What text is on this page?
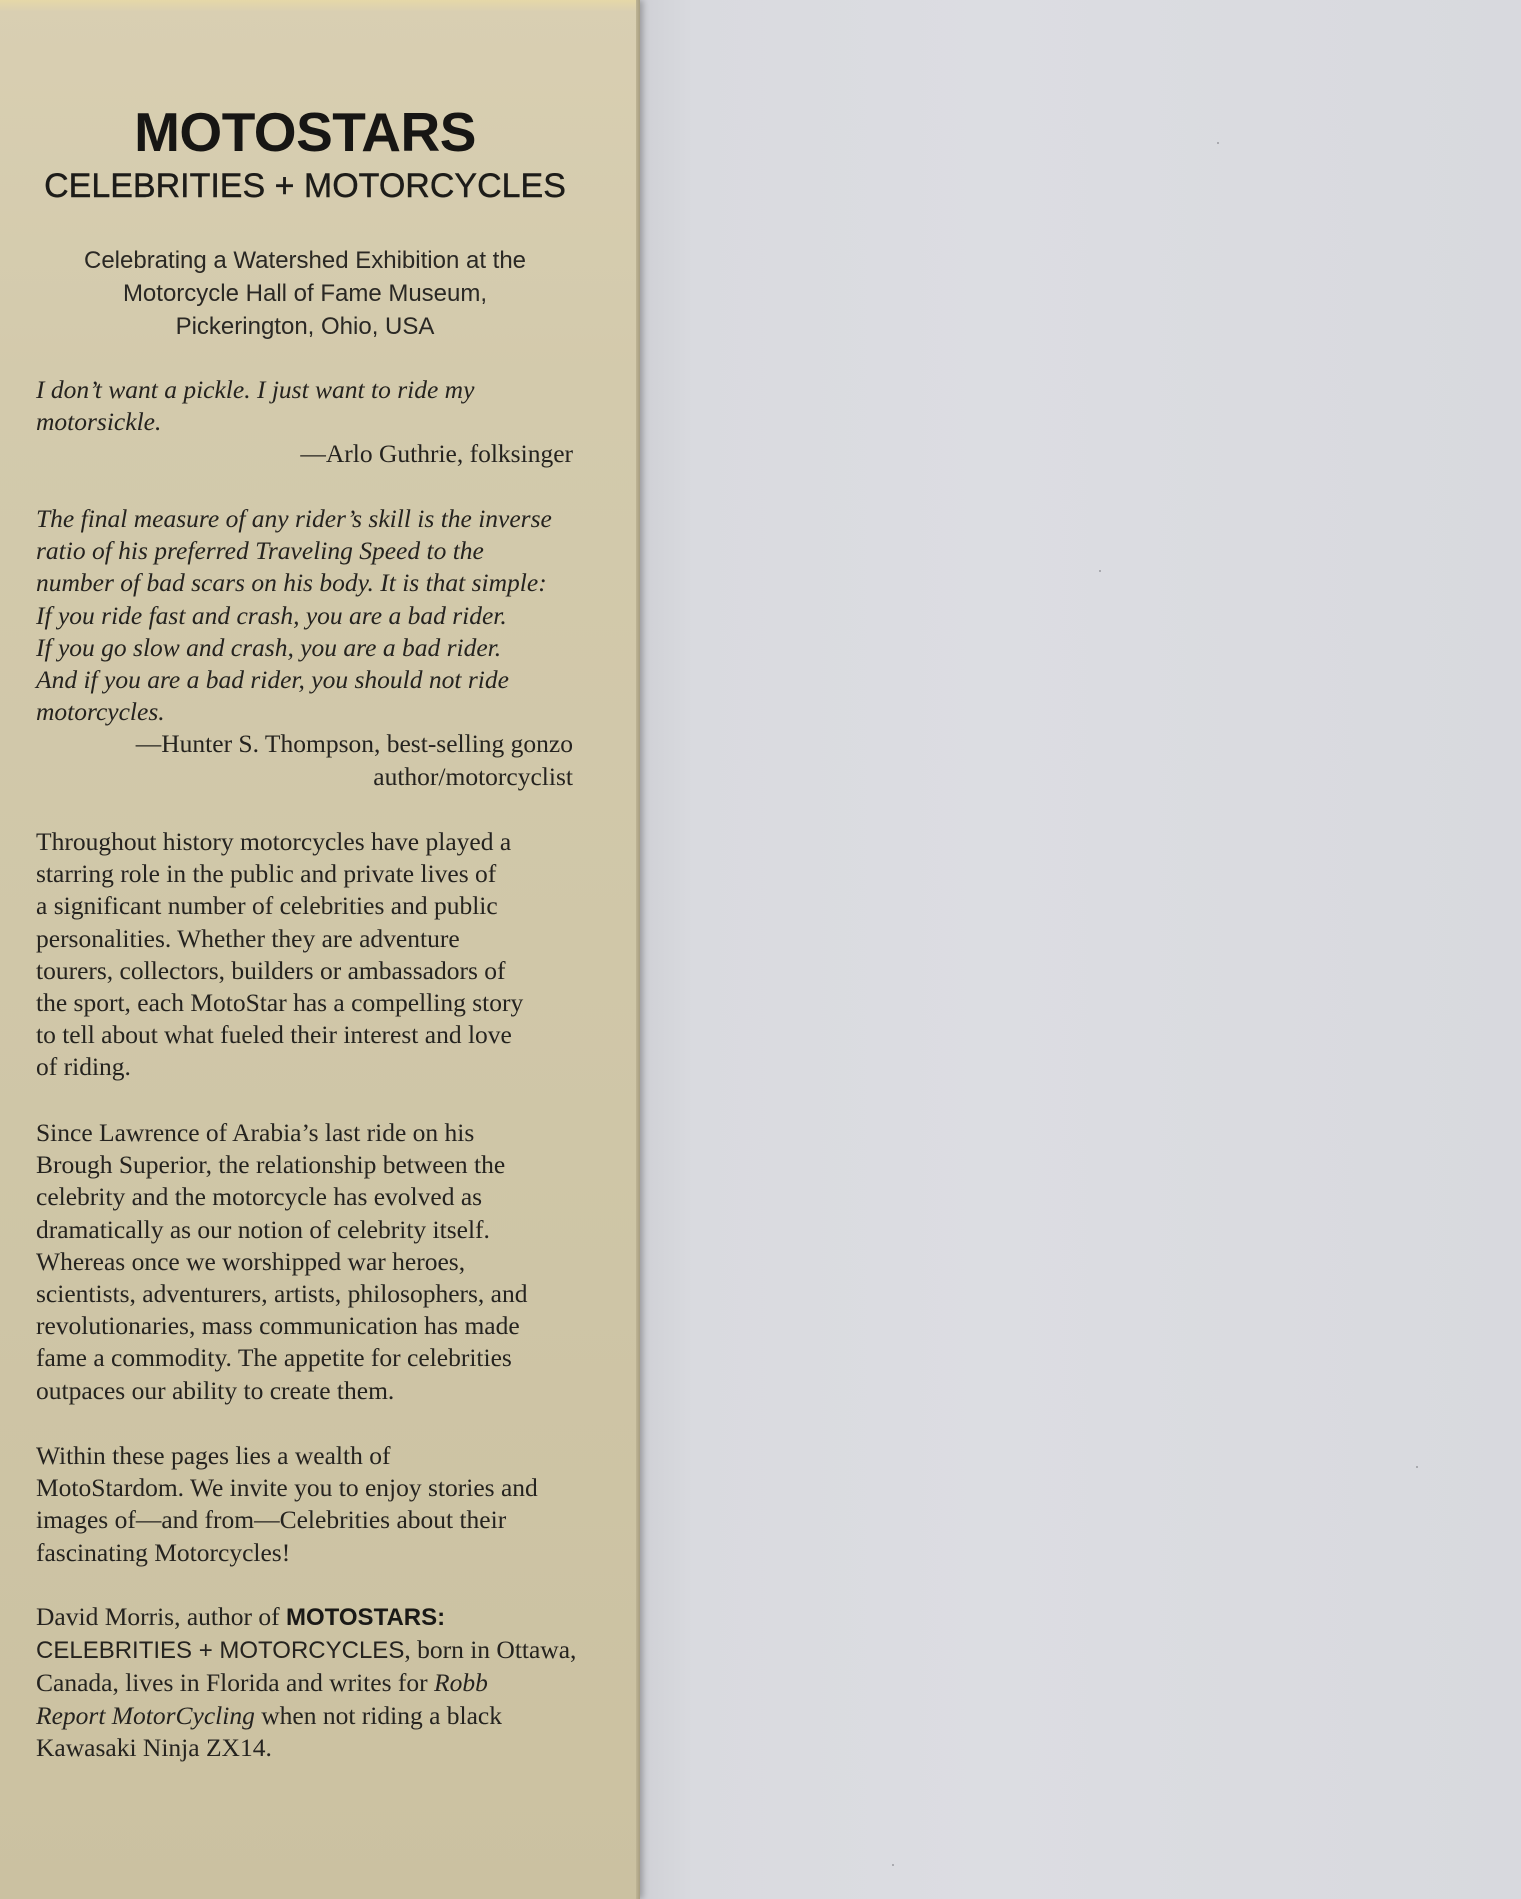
MOTOSTARS
CELEBRITIES + MOTORCYCLES
Celebrating a Watershed Exhibition at the
Motorcycle Hall of Fame Museum,
Pickerington, Ohio, USA
I don’t want a pickle. I just want to ride my
motorsickle.
—Arlo Guthrie, folksinger
The final measure of any rider’s skill is the inverse
ratio of his preferred Traveling Speed to the
number of bad scars on his body. It is that simple:
If you ride fast and crash, you are a bad rider.
If you go slow and crash, you are a bad rider.
And if you are a bad rider, you should not ride
motorcycles.
—Hunter S. Thompson, best-selling gonzo
author/motorcyclist
Throughout history motorcycles have played a
starring role in the public and private lives of
a significant number of celebrities and public
personalities. Whether they are adventure
tourers, collectors, builders or ambassadors of
the sport, each MotoStar has a compelling story
to tell about what fueled their interest and love
of riding.
Since Lawrence of Arabia’s last ride on his
Brough Superior, the relationship between the
celebrity and the motorcycle has evolved as
dramatically as our notion of celebrity itself.
Whereas once we worshipped war heroes,
scientists, adventurers, artists, philosophers, and
revolutionaries, mass communication has made
fame a commodity. The appetite for celebrities
outpaces our ability to create them.
Within these pages lies a wealth of
MotoStardom. We invite you to enjoy stories and
images of—and from—Celebrities about their
fascinating Motorcycles!
David Morris, author of MOTOSTARS:
CELEBRITIES + MOTORCYCLES, born in Ottawa,
Canada, lives in Florida and writes for Robb
Report MotorCycling when not riding a black
Kawasaki Ninja ZX14.
